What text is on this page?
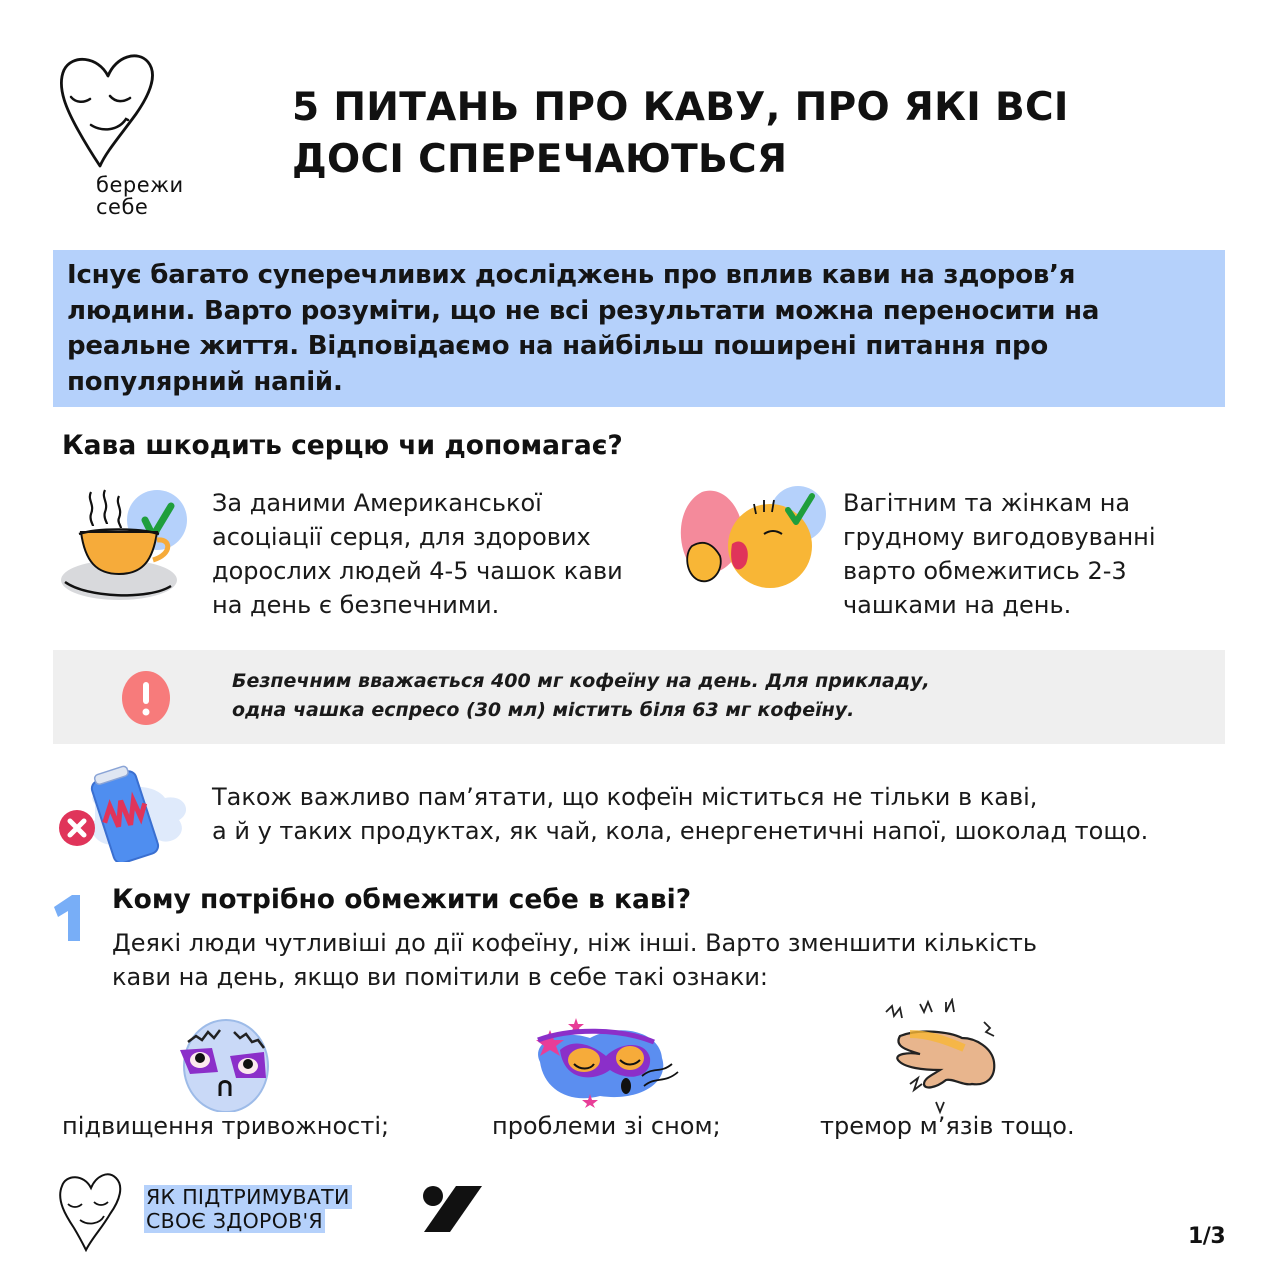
бережи
себе
5 ПИТАНЬ ПРО КАВУ, ПРО ЯКІ ВСІ
ДОСІ СПЕРЕЧАЮТЬСЯ

Існує багато суперечливих досліджень про вплив кави на здоров’я

людини. Варто розуміти, що не всі результати можна переносити на

реальне життя. Відповідаємо на найбільш поширені питання про

популярний напій.

Кава шкодить серцю чи допомагає?
За даними Американської
асоціації серця, для здорових
дорослих людей 4-5 чашок кави
на день є безпечними.
Вагітним та жінкам на
грудному вигодовуванні
варто обмежитись 2-3
чашками на день.
Безпечним вважається 400 мг кофеїну на день. Для прикладу,
одна чашка еспресо (30 мл) містить біля 63 мг кофеїну.
Також важливо пам’ятати, що кофеїн міститься не тільки в каві,
а й у таких продуктах, як чай, кола, енергенетичні напої, шоколад тощо.
Кому потрібно обмежити себе в каві?
Деякі люди чутливіші до дії кофеїну, ніж інші. Варто зменшити кількість
кави на день, якщо ви помітили в себе такі ознаки:
підвищення тривожності;	проблеми зі сном;	тремор м’язів тощо.
ЯК ПІДТРИМУВАТИ
СВОЄ ЗДОРОВ'Я
1/3
